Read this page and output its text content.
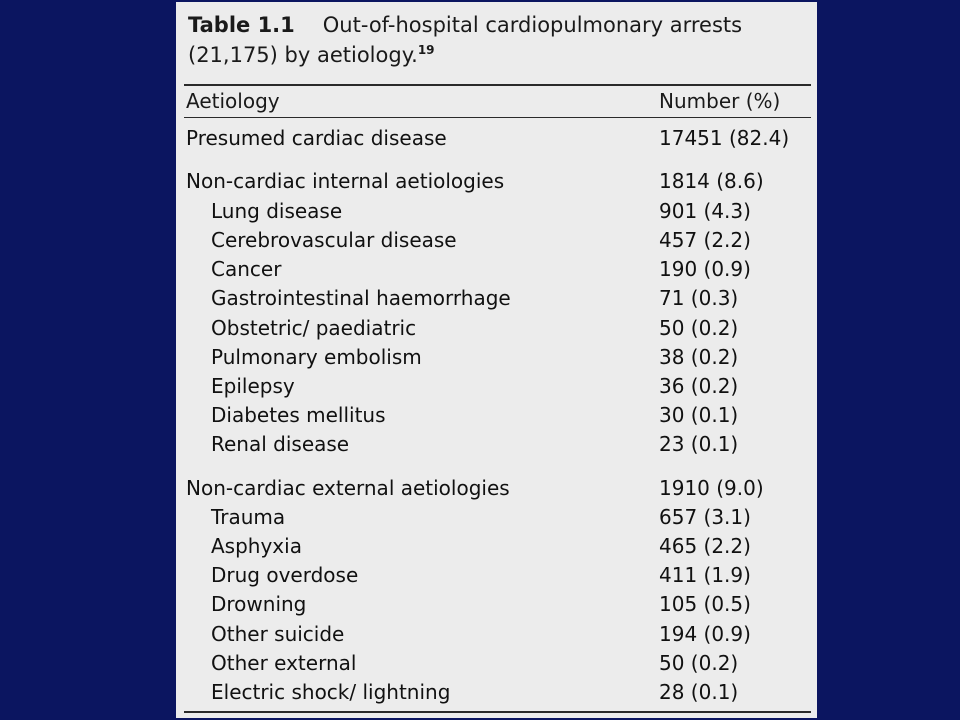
Table 1.1 Out-of-hospital cardiopulmonary arrests
(21,175) by aetiology.$^{19}$
Aetiology	Number (%)
Presumed cardiac disease	17451 (82.4)
Non-cardiac internal aetiologies	1814 (8.6)
Lung disease	901 (4.3)
Cerebrovascular disease	457 (2.2)
Cancer	190 (0.9)
Gastrointestinal haemorrhage	71 (0.3)
Obstetric/ paediatric	50 (0.2)
Pulmonary embolism	38 (0.2)
Epilepsy	36 (0.2)
Diabetes mellitus	30 (0.1)
Renal disease	23 (0.1)
Non-cardiac external aetiologies	1910 (9.0)
Trauma	657 (3.1)
Asphyxia	465 (2.2)
Drug overdose	411 (1.9)
Drowning	105 (0.5)
Other suicide	194 (0.9)
Other external	50 (0.2)
Electric shock/ lightning	28 (0.1)
